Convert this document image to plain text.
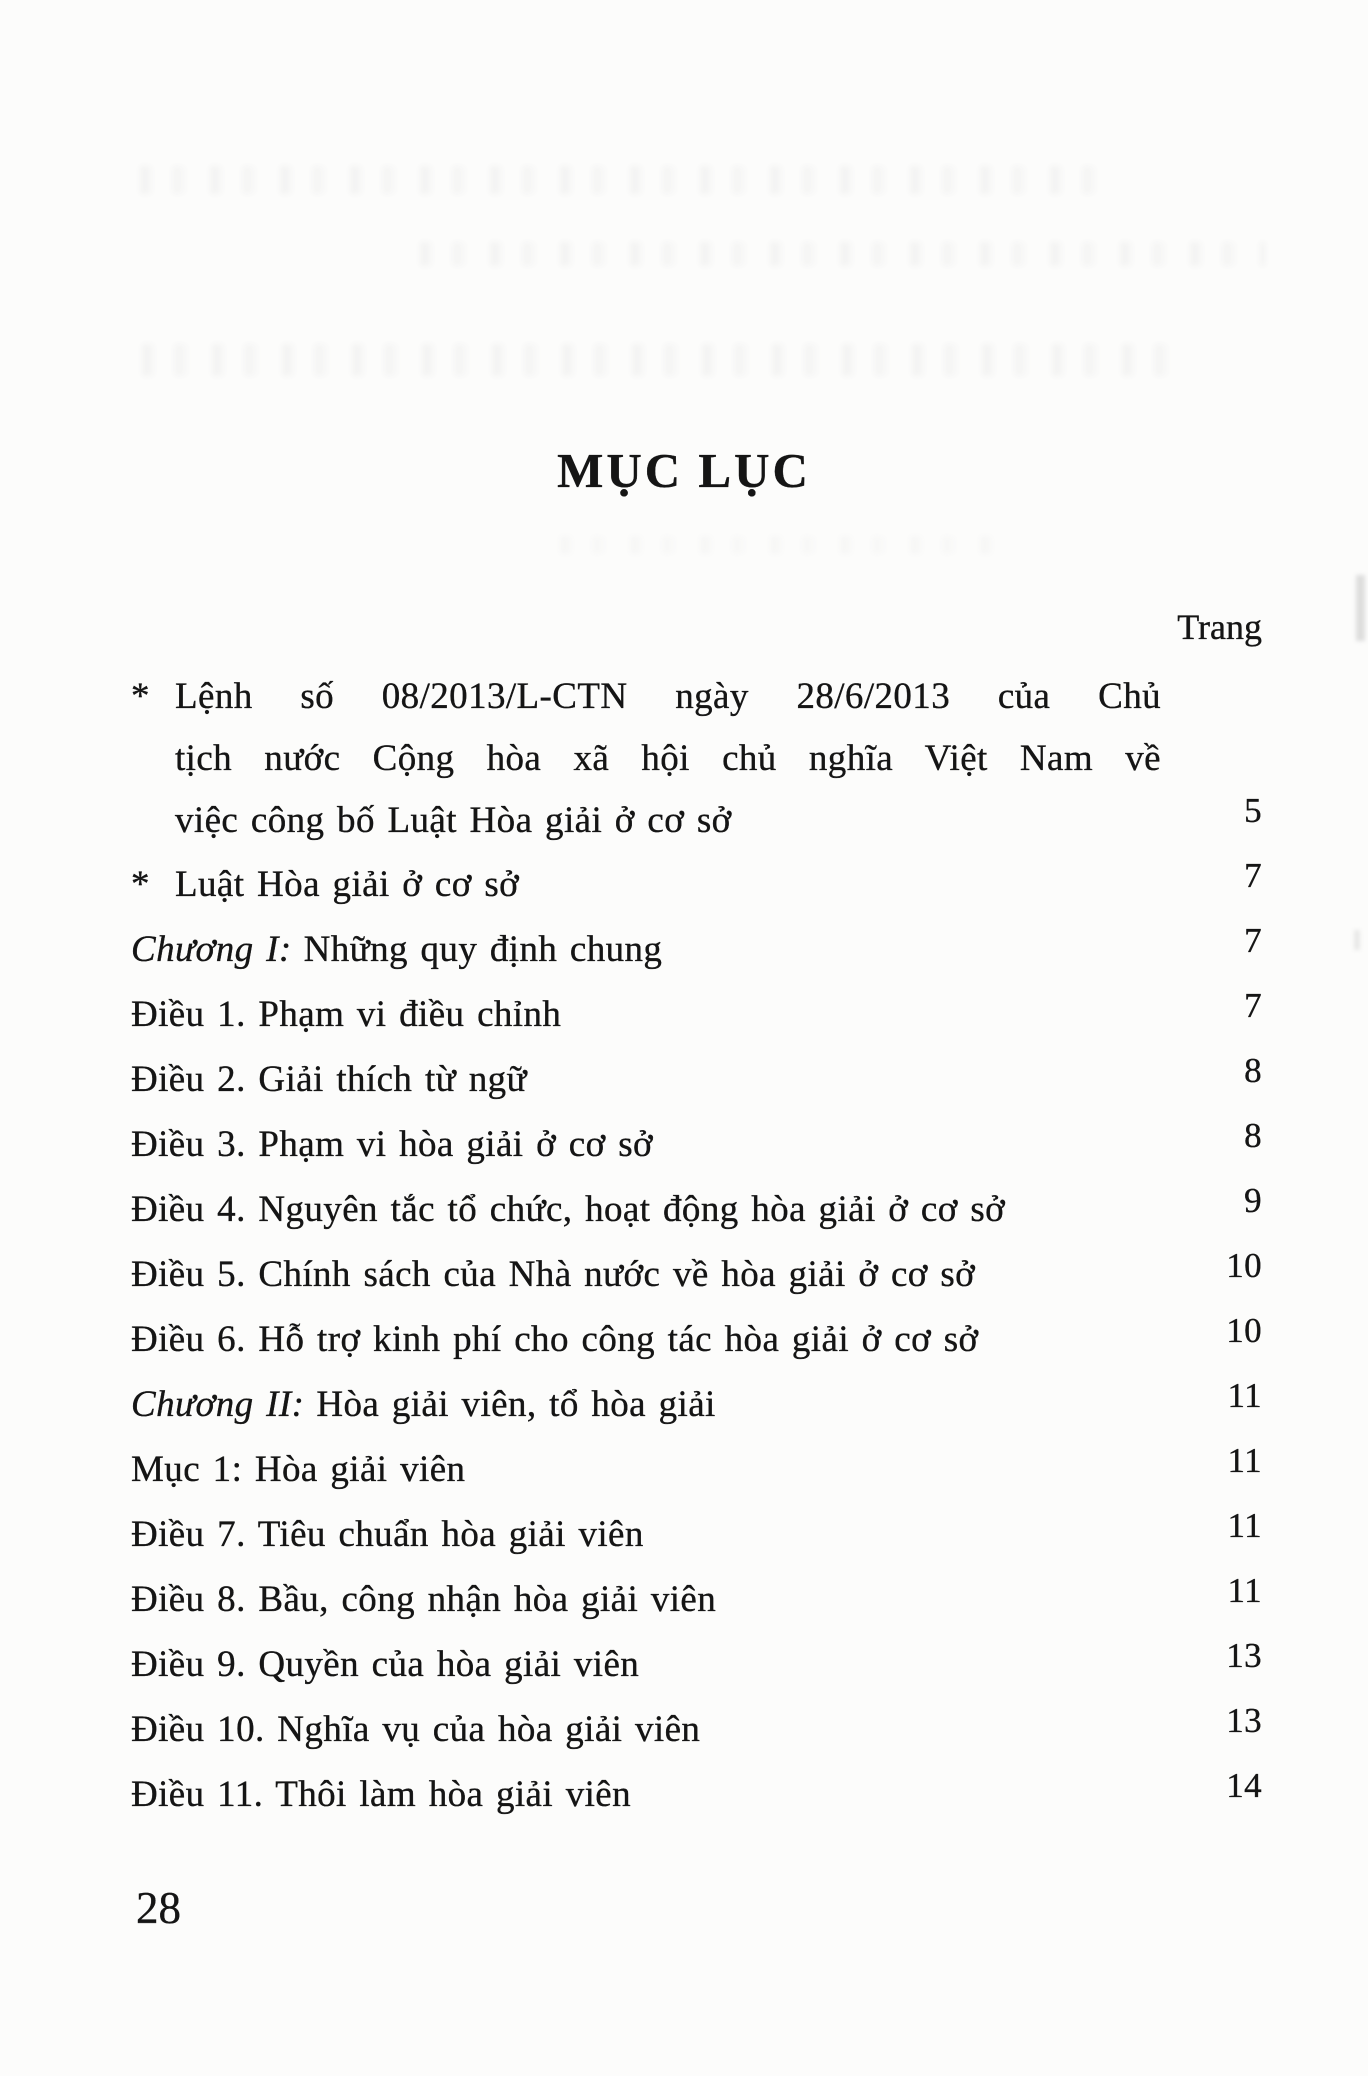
MỤC LỤC
Trang
* Lệnh số 08/2013/L-CTN ngày 28/6/2013 của Chủ
tịch nước Cộng hòa xã hội chủ nghĩa Việt Nam về
việc công bố Luật Hòa giải ở cơ sở	5
* Luật Hòa giải ở cơ sở	7
Chương I: Những quy định chung	7
Điều 1. Phạm vi điều chỉnh	7
Điều 2. Giải thích từ ngữ	8
Điều 3. Phạm vi hòa giải ở cơ sở	8
Điều 4. Nguyên tắc tổ chức, hoạt động hòa giải ở cơ sở	9
Điều 5. Chính sách của Nhà nước về hòa giải ở cơ sở	10
Điều 6. Hỗ trợ kinh phí cho công tác hòa giải ở cơ sở	10
Chương II: Hòa giải viên, tổ hòa giải	11
Mục 1: Hòa giải viên	11
Điều 7. Tiêu chuẩn hòa giải viên	11
Điều 8. Bầu, công nhận hòa giải viên	11
Điều 9. Quyền của hòa giải viên	13
Điều 10. Nghĩa vụ của hòa giải viên	13
Điều 11. Thôi làm hòa giải viên	14
28
